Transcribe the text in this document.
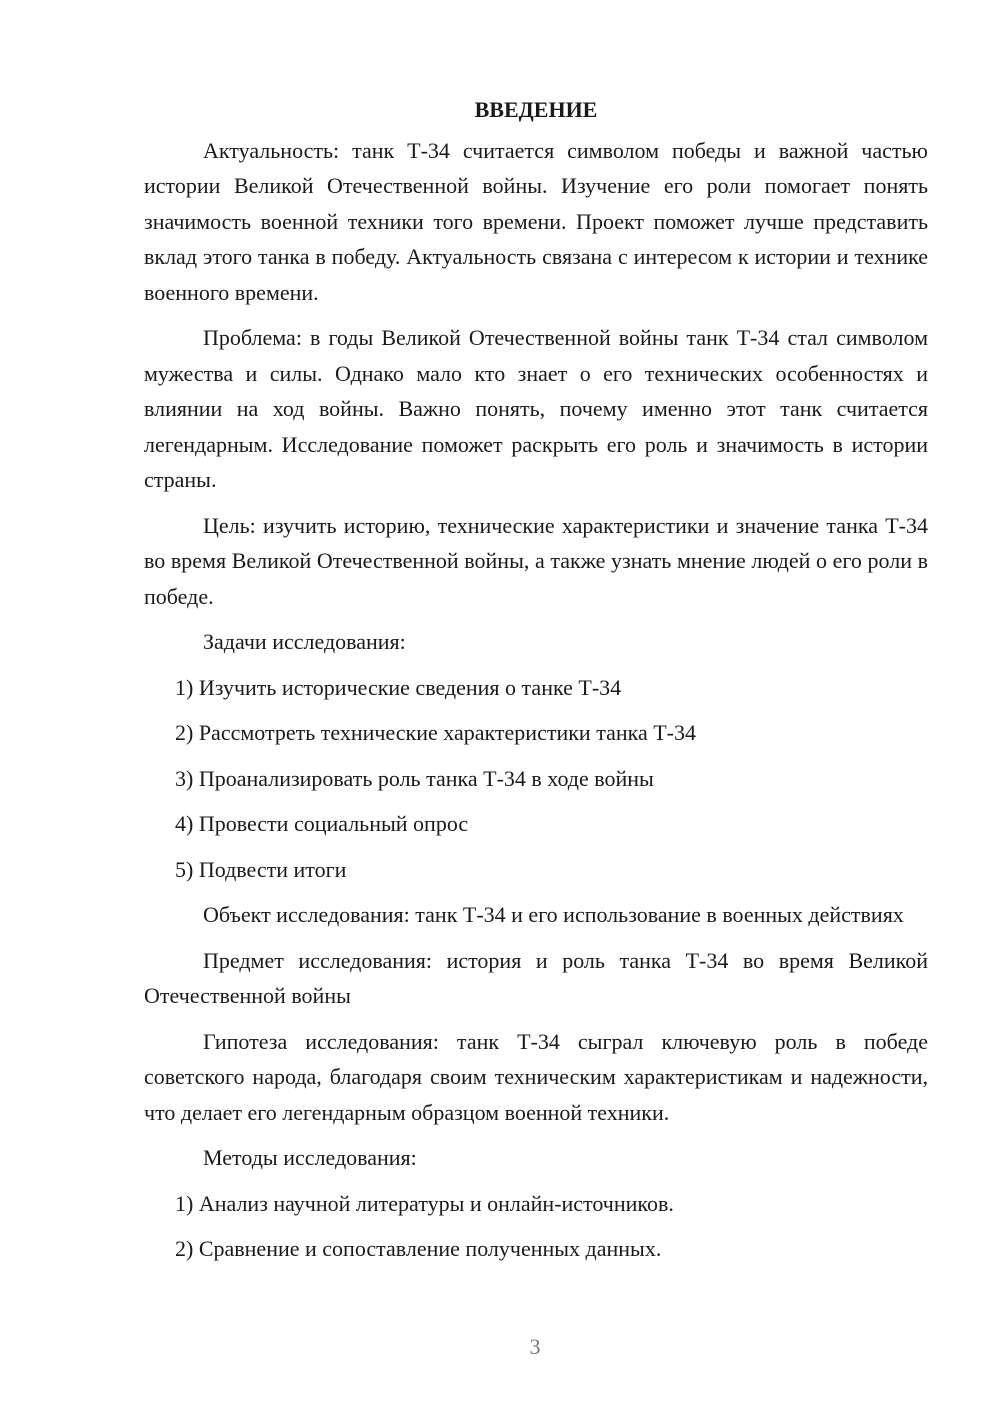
ВВЕДЕНИЕ
Актуальность: танк Т-34 считается символом победы и важной частью истории Великой Отечественной войны. Изучение его роли помогает понять значимость военной техники того времени. Проект поможет лучше представить вклад этого танка в победу. Актуальность связана с интересом к истории и технике военного времени.
Проблема: в годы Великой Отечественной войны танк Т-34 стал символом мужества и силы. Однако мало кто знает о его технических особенностях и влиянии на ход войны. Важно понять, почему именно этот танк считается легендарным. Исследование поможет раскрыть его роль и значимость в истории страны.
Цель: изучить историю, технические характеристики и значение танка Т-34 во время Великой Отечественной войны, а также узнать мнение людей о его роли в победе.
Задачи исследования:
1) Изучить исторические сведения о танке Т-34
2) Рассмотреть технические характеристики танка Т-34
3) Проанализировать роль танка Т-34 в ходе войны
4) Провести социальный опрос
5) Подвести итоги
Объект исследования: танк Т-34 и его использование в военных действиях
Предмет исследования: история и роль танка Т-34 во время Великой Отечественной войны
Гипотеза исследования: танк Т-34 сыграл ключевую роль в победе советского народа, благодаря своим техническим характеристикам и надежности, что делает его легендарным образцом военной техники.
Методы исследования:
1) Анализ научной литературы и онлайн-источников.
2) Сравнение и сопоставление полученных данных.
3
